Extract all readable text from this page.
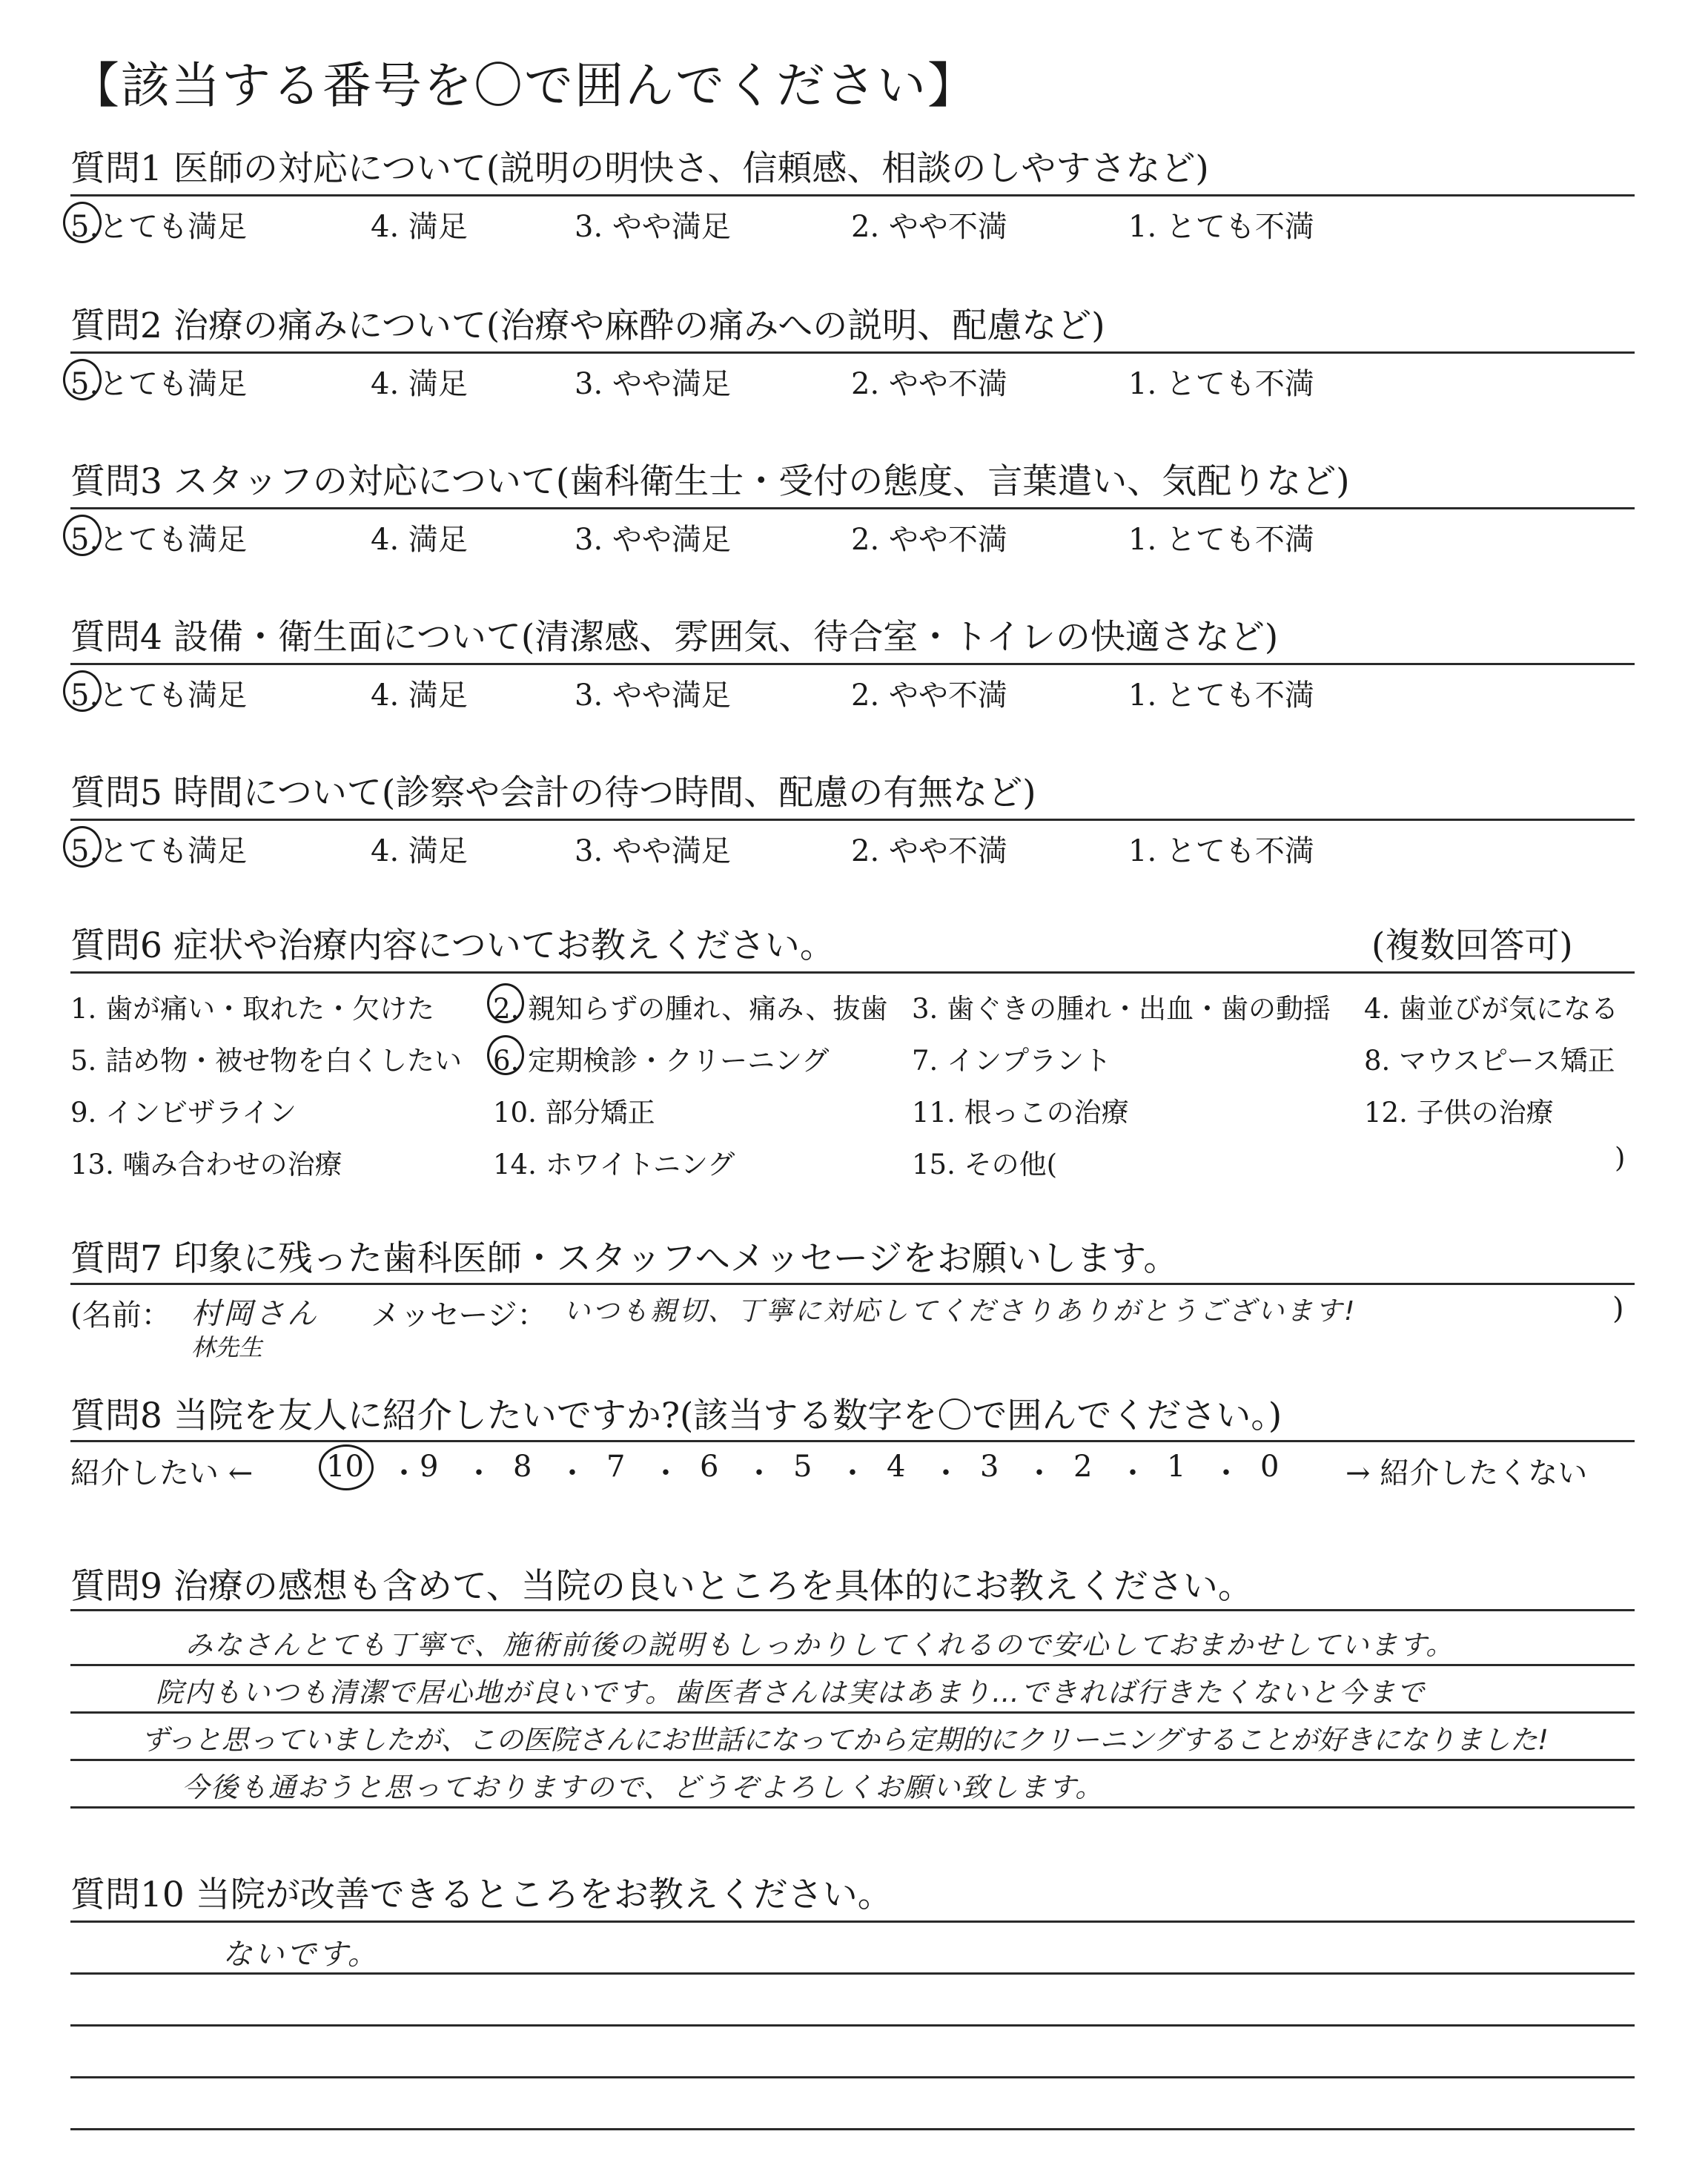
【該当する番号を〇で囲んでください】
質問1 医師の対応について(説明の明快さ、信頼感、相談のしやすさなど)
5.とても満足	4. 満足	3. やや満足	2. やや不満	1. とても不満
質問2 治療の痛みについて(治療や麻酔の痛みへの説明、配慮など)
5.とても満足	4. 満足	3. やや満足	2. やや不満	1. とても不満
質問3 スタッフの対応について(歯科衛生士・受付の態度、言葉遣い、気配りなど)
5.とても満足	4. 満足	3. やや満足	2. やや不満	1. とても不満
質問4 設備・衛生面について(清潔感、雰囲気、待合室・トイレの快適さなど)
5.とても満足	4. 満足	3. やや満足	2. やや不満	1. とても不満
質問5 時間について(診察や会計の待つ時間、配慮の有無など)
5.とても満足	4. 満足	3. やや満足	2. やや不満	1. とても不満
質問6 症状や治療内容についてお教えください。	(複数回答可)
1. 歯が痛い・取れた・欠けた 2. 親知らずの腫れ、痛み、抜歯 3. 歯ぐきの腫れ・出血・歯の動揺 4. 歯並びが気になる
5. 詰め物・被せ物を白くしたい 6. 定期検診・クリーニング	7. インプラント	8. マウスピース矯正
9. インビザライン	10. 部分矯正	11. 根っこの治療	12. 子供の治療
13. 噛み合わせの治療	14. ホワイトニング	15. その他(	)
質問7 印象に残った歯科医師・スタッフへメッセージをお願いします。
(名前： 村岡さん
林先生
メッセージ： いつも親切、丁寧に対応してくださりありがとうございます!	)
質問8 当院を友人に紹介したいですか?(該当する数字を〇で囲んでください。)
紹介したい ←	→ 紹介したくない
10 ・ 9 ・ 8 ・ 7 ・ 6 ・ 5 ・ 4 ・ 3 ・ 2 ・ 1 ・ 0
質問9 治療の感想も含めて、当院の良いところを具体的にお教えください。
みなさんとても丁寧で、施術前後の説明もしっかりしてくれるので安心しておまかせしています。
院内もいつも清潔で居心地が良いです。歯医者さんは実はあまり…できれば行きたくないと今まで
ずっと思っていましたが、この医院さんにお世話になってから定期的にクリーニングすることが好きになりました!
今後も通おうと思っておりますので、どうぞよろしくお願い致します。
質問10 当院が改善できるところをお教えください。
ないです。
